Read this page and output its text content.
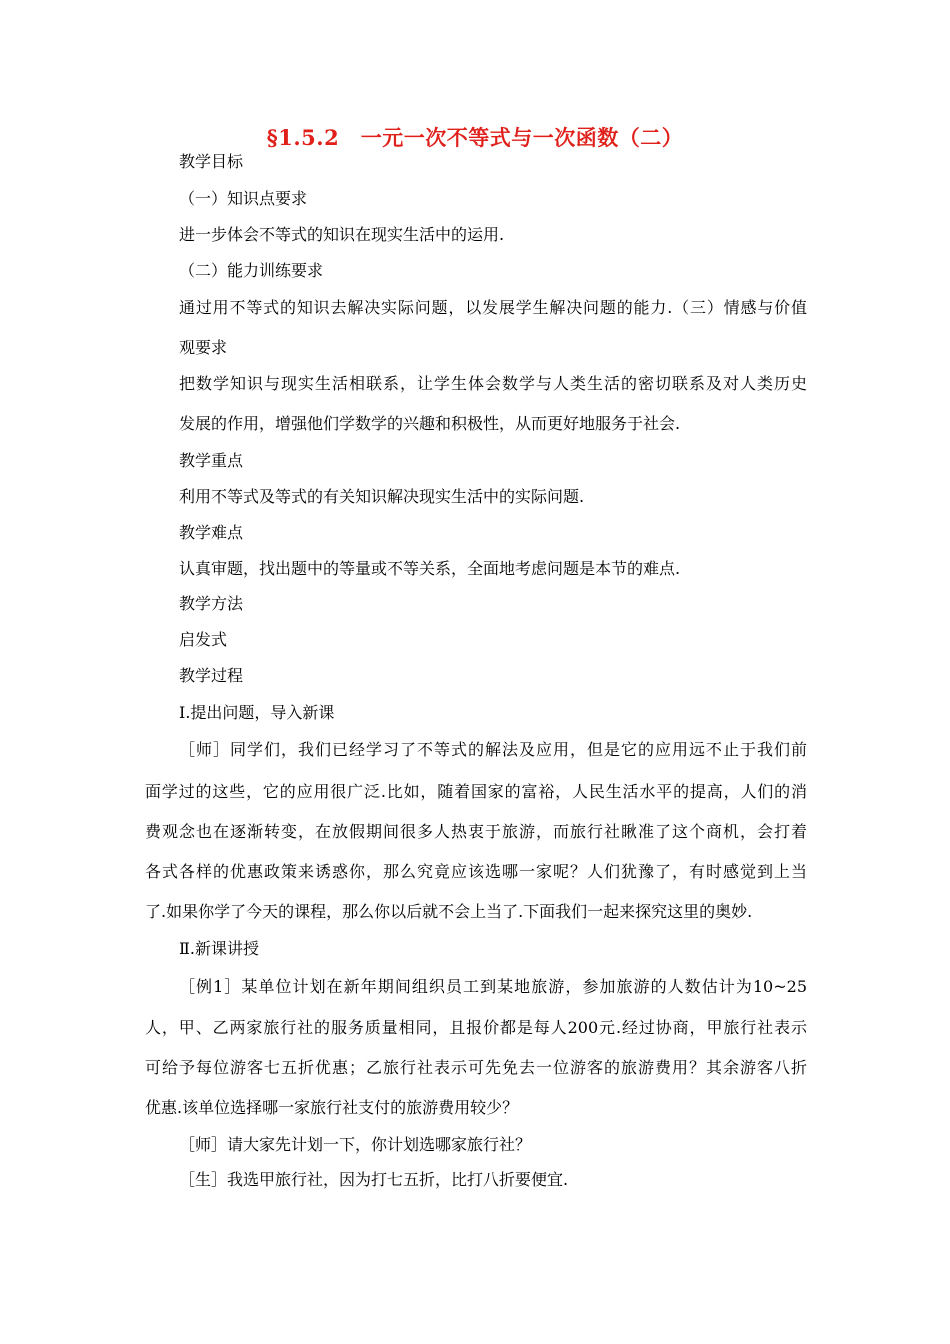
§1.5.2　一元一次不等式与一次函数（二）
教学目标
（一）知识点要求
进一步体会不等式的知识在现实生活中的运用.
（二）能力训练要求
通过用不等式的知识去解决实际问题，以发展学生解决问题的能力.（三）情感与价值
观要求
把数学知识与现实生活相联系，让学生体会数学与人类生活的密切联系及对人类历史
发展的作用，增强他们学数学的兴趣和积极性，从而更好地服务于社会.
教学重点
利用不等式及等式的有关知识解决现实生活中的实际问题.
教学难点
认真审题，找出题中的等量或不等关系，全面地考虑问题是本节的难点.
教学方法
启发式
教学过程
Ⅰ.提出问题，导入新课
［师］同学们，我们已经学习了不等式的解法及应用，但是它的应用远不止于我们前
面学过的这些，它的应用很广泛.比如，随着国家的富裕，人民生活水平的提高，人们的消
费观念也在逐渐转变，在放假期间很多人热衷于旅游，而旅行社瞅准了这个商机，会打着
各式各样的优惠政策来诱惑你，那么究竟应该选哪一家呢？人们犹豫了，有时感觉到上当
了.如果你学了今天的课程，那么你以后就不会上当了.下面我们一起来探究这里的奥妙.
Ⅱ.新课讲授
［例1］某单位计划在新年期间组织员工到某地旅游，参加旅游的人数估计为10~25
人，甲、乙两家旅行社的服务质量相同，且报价都是每人200元.经过协商，甲旅行社表示
可给予每位游客七五折优惠；乙旅行社表示可先免去一位游客的旅游费用？其余游客八折
优惠.该单位选择哪一家旅行社支付的旅游费用较少？
［师］请大家先计划一下，你计划选哪家旅行社？
［生］我选甲旅行社，因为打七五折，比打八折要便宜.
